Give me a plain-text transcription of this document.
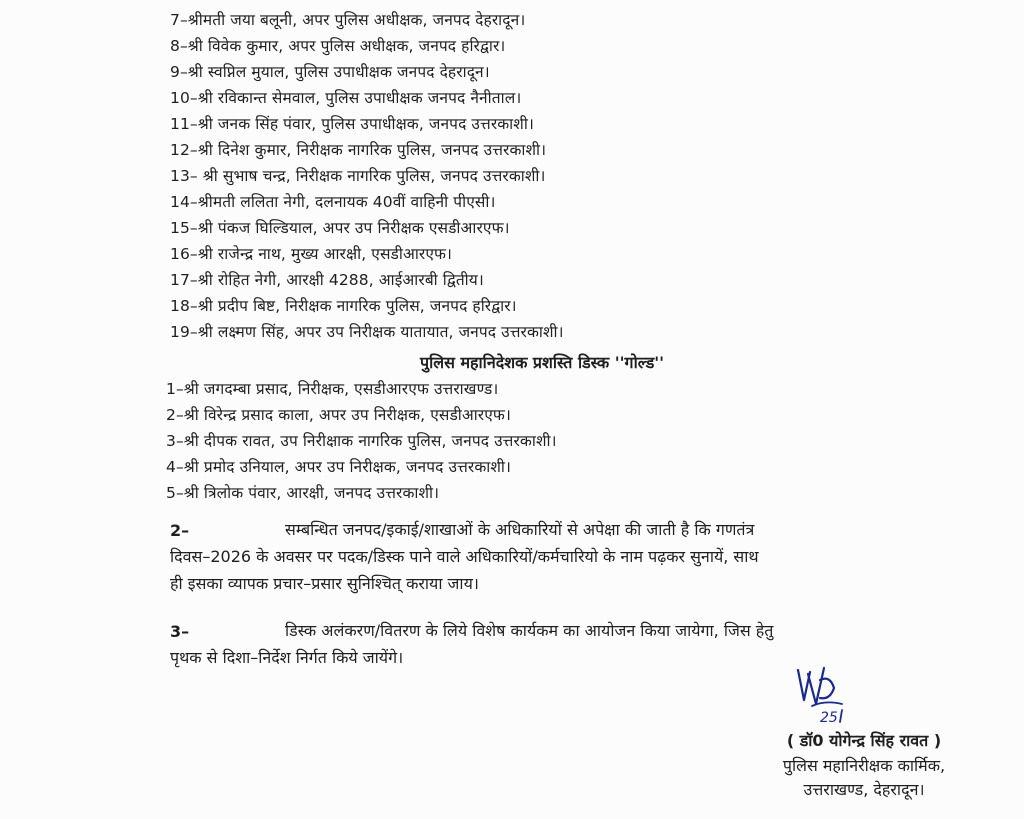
7–श्रीमती जया बलूनी, अपर पुलिस अधीक्षक, जनपद देहरादून।
8–श्री विवेक कुमार, अपर पुलिस अधीक्षक, जनपद हरिद्वार।
9–श्री स्वप्निल मुयाल, पुलिस उपाधीक्षक जनपद देहरादून।
10–श्री रविकान्त सेमवाल, पुलिस उपाधीक्षक जनपद नैनीताल।
11–श्री जनक सिंह पंवार, पुलिस उपाधीक्षक, जनपद उत्तरकाशी।
12–श्री दिनेश कुमार, निरीक्षक नागरिक पुलिस, जनपद उत्तरकाशी।
13– श्री सुभाष चन्द्र, निरीक्षक नागरिक पुलिस, जनपद उत्तरकाशी।
14–श्रीमती ललिता नेगी, दलनायक 40वीं वाहिनी पीएसी।
15–श्री पंकज घिल्डियाल, अपर उप निरीक्षक एसडीआरएफ।
16–श्री राजेन्द्र नाथ, मुख्य आरक्षी, एसडीआरएफ।
17–श्री रोहित नेगी, आरक्षी 4288, आईआरबी द्वितीय।
18–श्री प्रदीप बिष्ट, निरीक्षक नागरिक पुलिस, जनपद हरिद्वार।
19–श्री लक्ष्मण सिंह, अपर उप निरीक्षक यातायात, जनपद उत्तरकाशी।
पुलिस महानिदेशक प्रशस्ति डिस्क ''गोल्ड''
1–श्री जगदम्बा प्रसाद, निरीक्षक, एसडीआरएफ उत्तराखण्ड।
2–श्री विरेन्द्र प्रसाद काला, अपर उप निरीक्षक, एसडीआरएफ।
3–श्री दीपक रावत, उप निरीक्षाक नागरिक पुलिस, जनपद उत्तरकाशी।
4–श्री प्रमोद उनियाल, अपर उप निरीक्षक, जनपद उत्तरकाशी।
5–श्री त्रिलोक पंवार, आरक्षी, जनपद उत्तरकाशी।
2–	सम्बन्धित जनपद/इकाई/शाखाओं के अधिकारियों से अपेक्षा की जाती है कि गणतंत्र
दिवस–2026 के अवसर पर पदक/डिस्क पाने वाले अधिकारियों/कर्मचारियो के नाम पढ़कर सुनायें, साथ
ही इसका व्यापक प्रचार–प्रसार सुनिश्चित् कराया जाय।
3–	डिस्क अलंकरण/वितरण के लिये विशेष कार्यकम का आयोजन किया जायेगा, जिस हेतु
पृथक से दिशा–निर्देश निर्गत किये जायेंगे।
25
( डॉ0 योगेन्द्र सिंह रावत )
पुलिस महानिरीक्षक कार्मिक,
उत्तराखण्ड, देहरादून।
